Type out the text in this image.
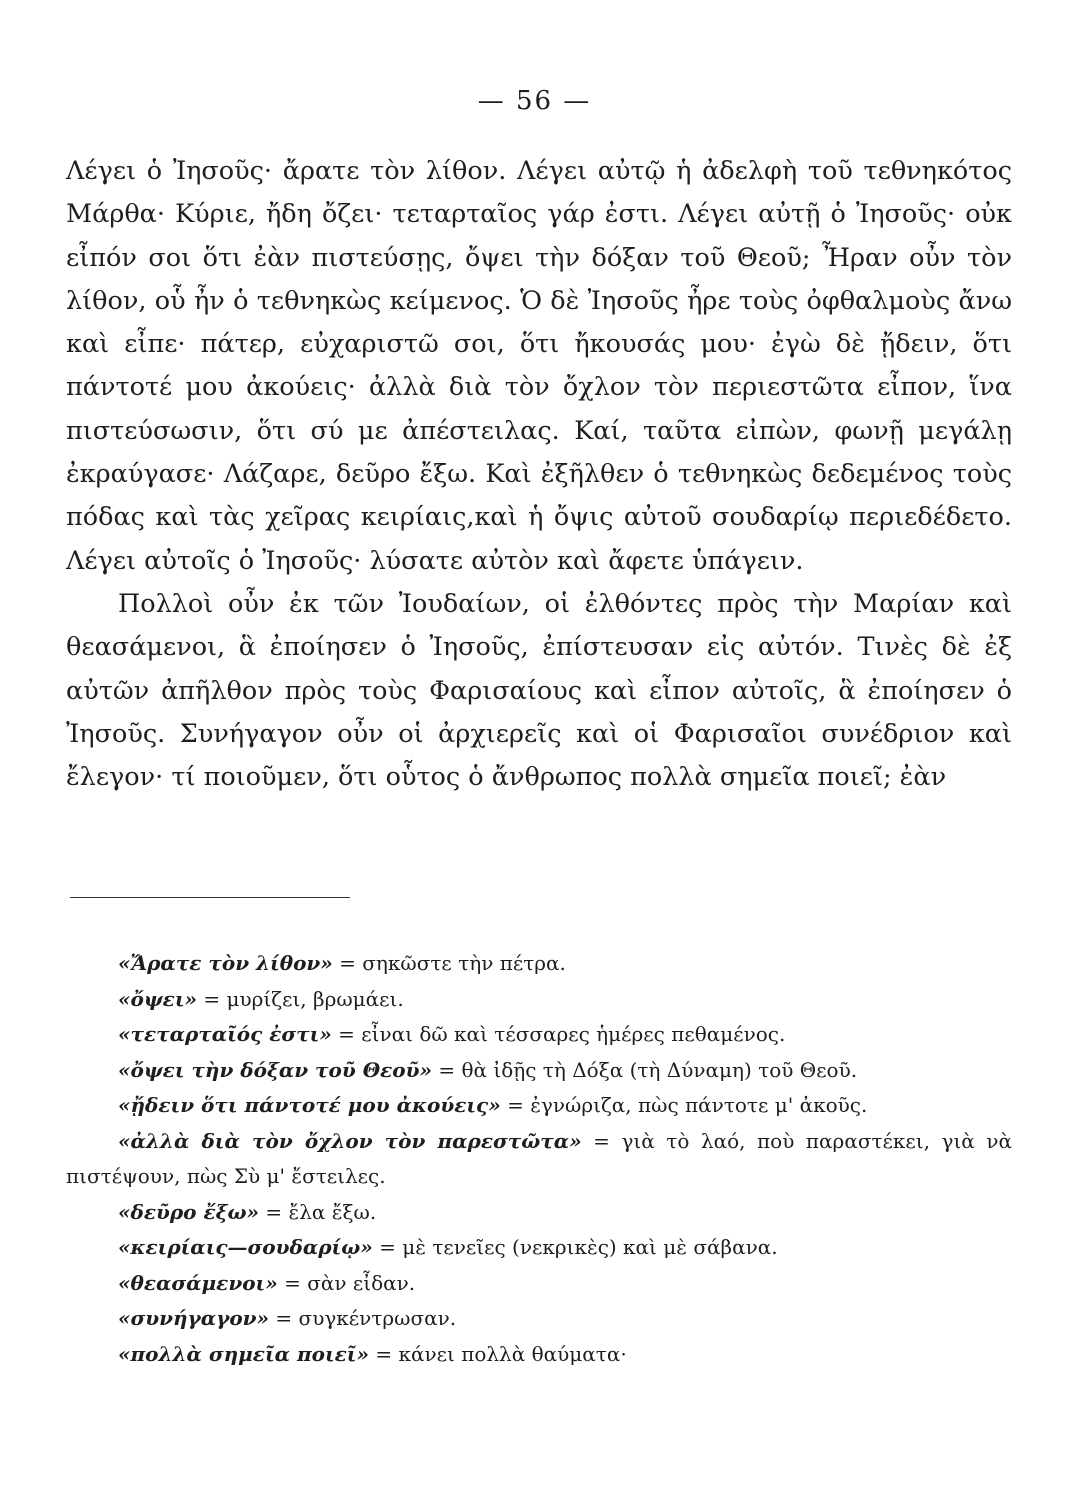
— 56 —

Λέγει ὁ Ἰησοῦς· ἄρατε τὸν λίθον. Λέγει αὐτῷ ἡ ἀδελφὴ τοῦ τεθνηκότος Μάρθα· Κύριε, ἤδη ὄζει· τεταρταῖος γάρ ἐστι. Λέγει αὐτῇ ὁ Ἰησοῦς· οὐκ εἶπόν σοι ὅτι ἐὰν πιστεύσῃς, ὄψει τὴν δόξαν τοῦ Θεοῦ; Ἦραν οὖν τὸν λίθον, οὗ ἦν ὁ τεθνηκὼς κείμενος. Ὁ δὲ Ἰησοῦς ἦρε τοὺς ὀφθαλμοὺς ἄνω καὶ εἶπε· πάτερ, εὐχαριστῶ σοι, ὅτι ἤκουσάς μου· ἐγὼ δὲ ᾔδειν, ὅτι πάντοτέ μου ἀκούεις· ἀλλὰ διὰ τὸν ὄχλον τὸν περιεστῶτα εἶπον, ἵνα πιστεύσωσιν, ὅτι σύ με ἀπέστειλας. Καί, ταῦτα εἰπὼν, φωνῇ μεγάλῃ ἐκραύγασε· Λάζαρε, δεῦρο ἔξω. Καὶ ἐξῆλθεν ὁ τεθνηκὼς δεδεμένος τοὺς πόδας καὶ τὰς χεῖρας κειρίαις,καὶ ἡ ὄψις αὐτοῦ σουδαρίῳ περιεδέδετο. Λέγει αὐτοῖς ὁ Ἰησοῦς· λύσατε αὐτὸν καὶ ἄφετε ὑπάγειν.

Πολλοὶ οὖν ἐκ τῶν Ἰουδαίων, οἱ ἐλθόντες πρὸς τὴν Μαρίαν καὶ θεασάμενοι, ἃ ἐποίησεν ὁ Ἰησοῦς, ἐπίστευσαν εἰς αὐτόν. Τινὲς δὲ ἐξ αὐτῶν ἀπῆλθον πρὸς τοὺς Φαρισαίους καὶ εἶπον αὐτοῖς, ἃ ἐποίησεν ὁ Ἰησοῦς. Συνήγαγον οὖν οἱ ἀρχιερεῖς καὶ οἱ Φαρισαῖοι συνέδριον καὶ ἔλεγον· τί ποιοῦμεν, ὅτι οὗτος ὁ ἄνθρωπος πολλὰ σημεῖα ποιεῖ; ἐὰν

«Ἄρατε τὸν λίθον» = σηκῶστε τὴν πέτρα.

«ὄψει» = μυρίζει, βρωμάει.

«τεταρταῖός ἐστι» = εἶναι δῶ καὶ τέσσαρες ἡμέρες πεθαμένος.

«ὄψει τὴν δόξαν τοῦ Θεοῦ» = θὰ ἰδῇς τὴ Δόξα (τὴ Δύναμη) τοῦ Θεοῦ.

«ᾔδειν ὅτι πάντοτέ μου ἀκούεις» = ἐγνώριζα, πὼς πάντοτε μ' ἀκοῦς.

«ἀλλὰ διὰ τὸν ὄχλον τὸν παρεστῶτα» = γιὰ τὸ λαό, ποὺ παραστέκει, γιὰ νὰ πιστέψουν, πὼς Σὺ μ' ἔστειλες.

«δεῦρο ἔξω» = ἔλα ἔξω.

«κειρίαις—σουδαρίῳ» = μὲ τενεῖες (νεκρικὲς) καὶ μὲ σάβανα.

«θεασάμενοι» = σὰν εἶδαν.

«συνήγαγον» = συγκέντρωσαν.

«πολλὰ σημεῖα ποιεῖ» = κάνει πολλὰ θαύματα·
